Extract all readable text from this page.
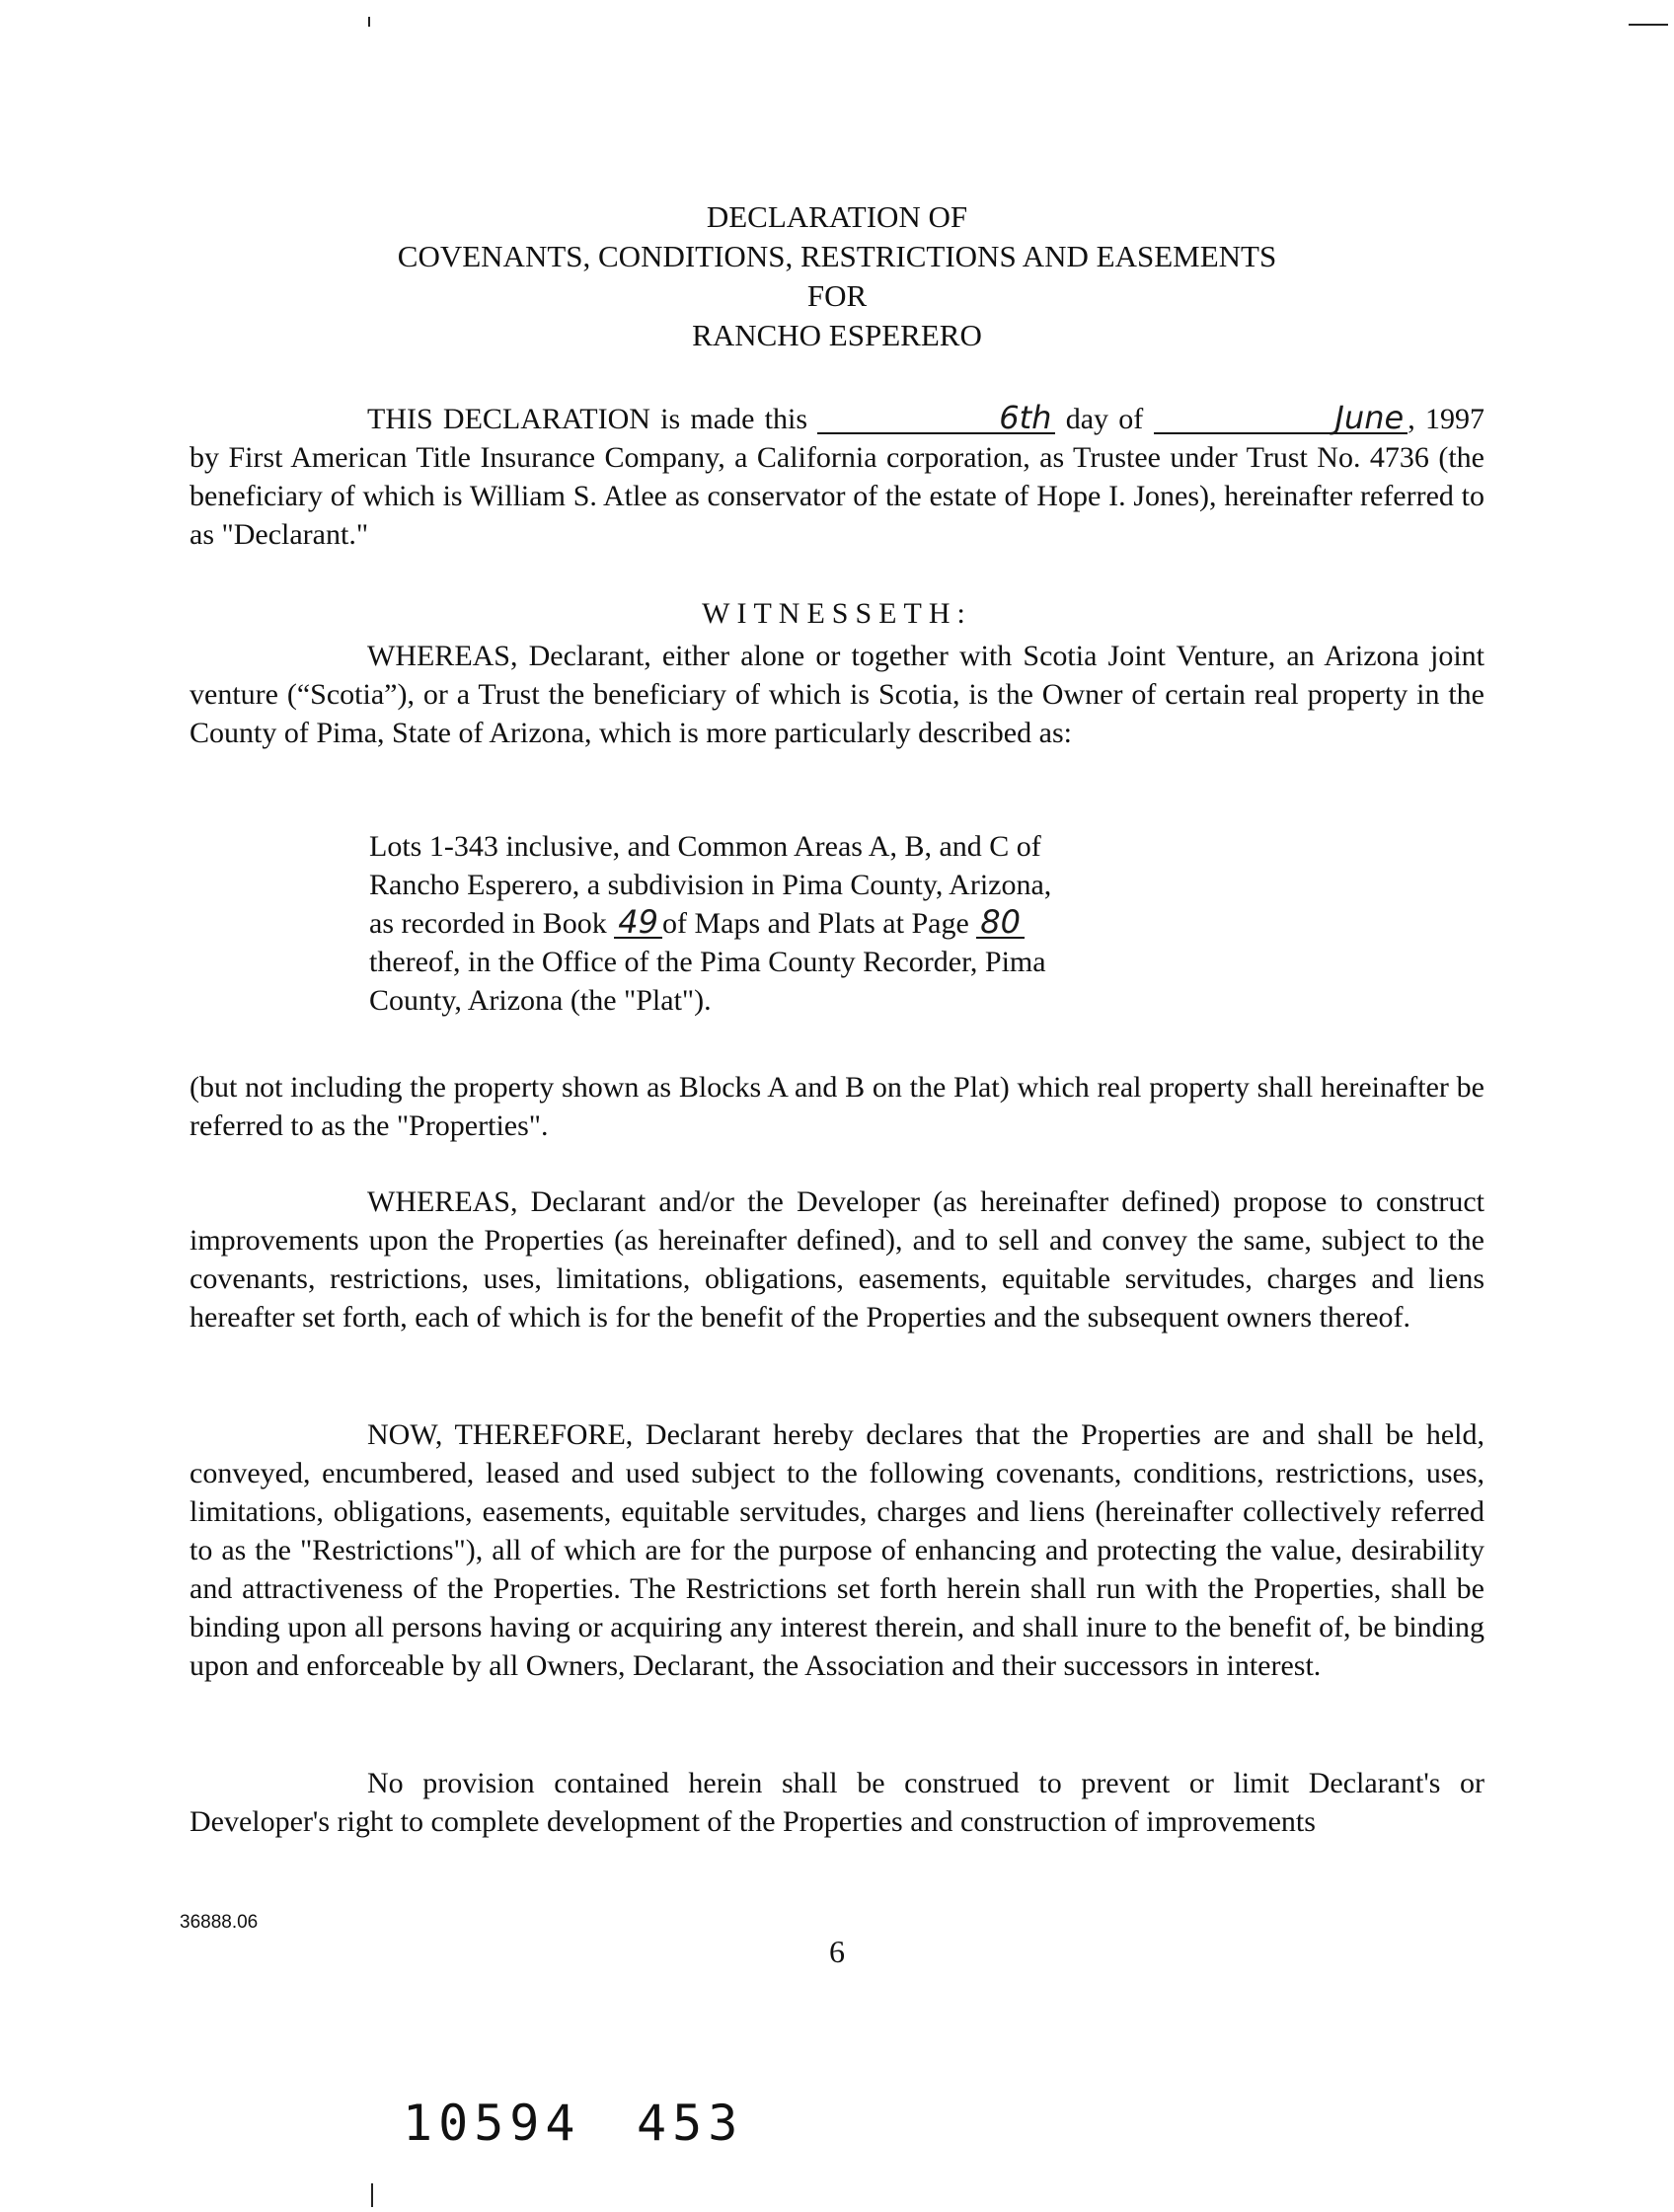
DECLARATION OF
COVENANTS, CONDITIONS, RESTRICTIONS AND EASEMENTS
FOR
RANCHO ESPERERO

THIS DECLARATION is made this	6th day of	June , 1997 by First American Title Insurance Company, a California corporation, as Trustee under Trust No. 4736 (the beneficiary of which is William S. Atlee as conservator of the estate of Hope I. Jones), hereinafter referred to as "Declarant."

WITNESSETH:

WHEREAS, Declarant, either alone or together with Scotia Joint Venture, an Arizona joint venture (“Scotia”), or a Trust the beneficiary of which is Scotia, is the Owner of certain real property in the County of Pima, State of Arizona, which is more particularly described as:

Lots 1-343 inclusive, and Common Areas A, B, and C of
Rancho Esperero, a subdivision in Pima County, Arizona,
as recorded in Book 49 of Maps and Plats at Page 80
thereof, in the Office of the Pima County Recorder, Pima
County, Arizona (the "Plat").

(but not including the property shown as Blocks A and B on the Plat) which real property shall hereinafter be referred to as the "Properties".

WHEREAS, Declarant and/or the Developer (as hereinafter defined) propose to construct improvements upon the Properties (as hereinafter defined), and to sell and convey the same, subject to the covenants, restrictions, uses, limitations, obligations, easements, equitable servitudes, charges and liens hereafter set forth, each of which is for the benefit of the Properties and the subsequent owners thereof.

NOW, THEREFORE, Declarant hereby declares that the Properties are and shall be held, conveyed, encumbered, leased and used subject to the following covenants, conditions, restrictions, uses, limitations, obligations, easements, equitable servitudes, charges and liens (hereinafter collectively referred to as the "Restrictions"), all of which are for the purpose of enhancing and protecting the value, desirability and attractiveness of the Properties. The Restrictions set forth herein shall run with the Properties, shall be binding upon all persons having or acquiring any interest therein, and shall inure to the benefit of, be binding upon and enforceable by all Owners, Declarant, the Association and their successors in interest.

No provision contained herein shall be construed to prevent or limit Declarant's or Developer's right to complete development of the Properties and construction of improvements

36888.06
6
10594 453
